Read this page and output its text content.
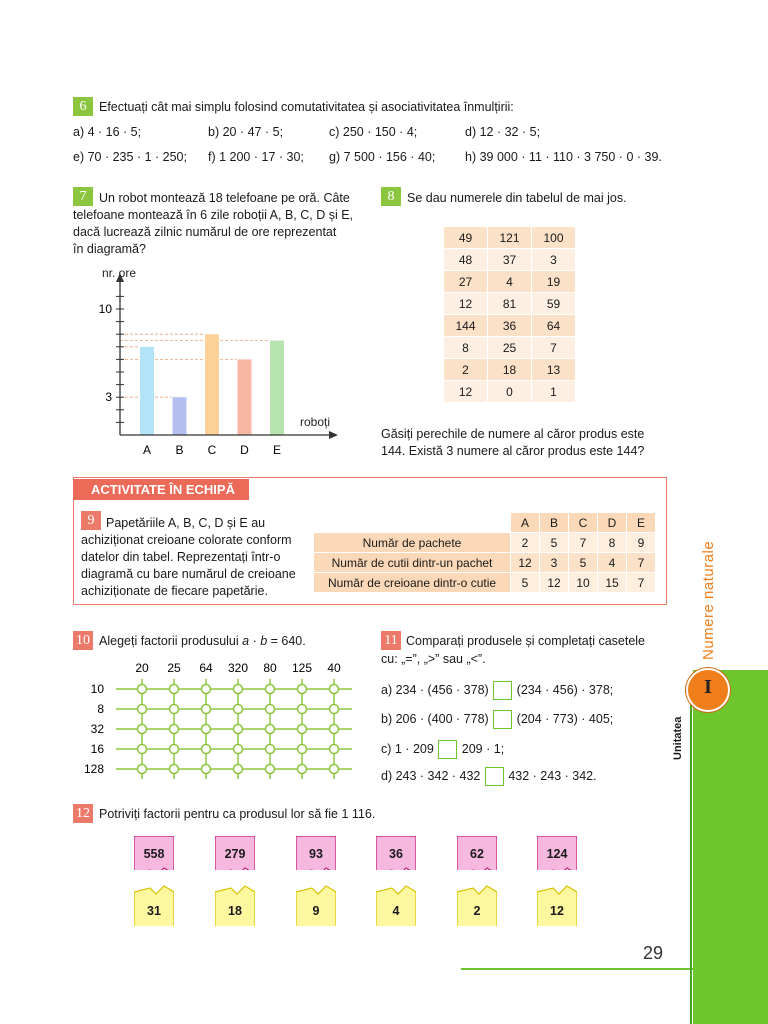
6	Efectuați cât mai simplu folosind comutativitatea și asociativitatea înmulțirii:
a) 4 · 16 · 5;	b) 20 · 47 · 5;	c) 250 · 150 · 4;	d) 12 · 32 · 5;
e) 70 · 235 · 1 · 250; f) 1 200 · 17 · 30; g) 7 500 · 156 · 40; h) 39 000 · 11 · 110 · 3 750 · 0 · 39.
7	Un robot montează 18 telefoane pe oră. Câte
telefoane montează în 6 zile roboții A, B, C, D și E,
dacă lucrează zilnic numărul de ore reprezentat
în diagramă?
3
10
nr. ore
roboți
A B C D E
8	Se dau numerele din tabelul de mai jos.
49	121	100
48	37	3
27	4	19
12	81	59
144	36	64
8	25	7
2	18	13
12	0	1
Găsiți perechile de numere al căror produs este
144. Există 3 numere al căror produs este 144?
ACTIVITATE ÎN ECHIPĂ
9 Papetăriile A, B, C, D și E au
achiziționat creioane colorate conform
datelor din tabel. Reprezentați într-o
diagramă cu bare numărul de creioane
achiziționate de fiecare papetărie.
	A	B	C	D	E
Număr de pachete	2	5	7	8	9
Număr de cutii dintr-un pachet	12	3	5	4	7
Număr de creioane dintr-o cutie	5	12	10	15	7
10 Alegeți factorii produsului a · b = 640.
20 25 64 320 80 125 40
10
8
32
16
128
11 Comparați produsele și completați casetele
cu: „=”, „>” sau „<”.
a) 234 · (456 · 378) (234 · 456) · 378;
b) 206 · (400 · 778) (204 · 773) · 405;
c) 1 · 209 209 · 1;
d) 243 · 342 · 432 432 · 243 · 342.
12 Potriviți factorii pentru ca produsul lor să fie 1 116.
558
31
279
18
93
9
36
4
62
2
124
12
29
I
Unitatea
Numere naturale
